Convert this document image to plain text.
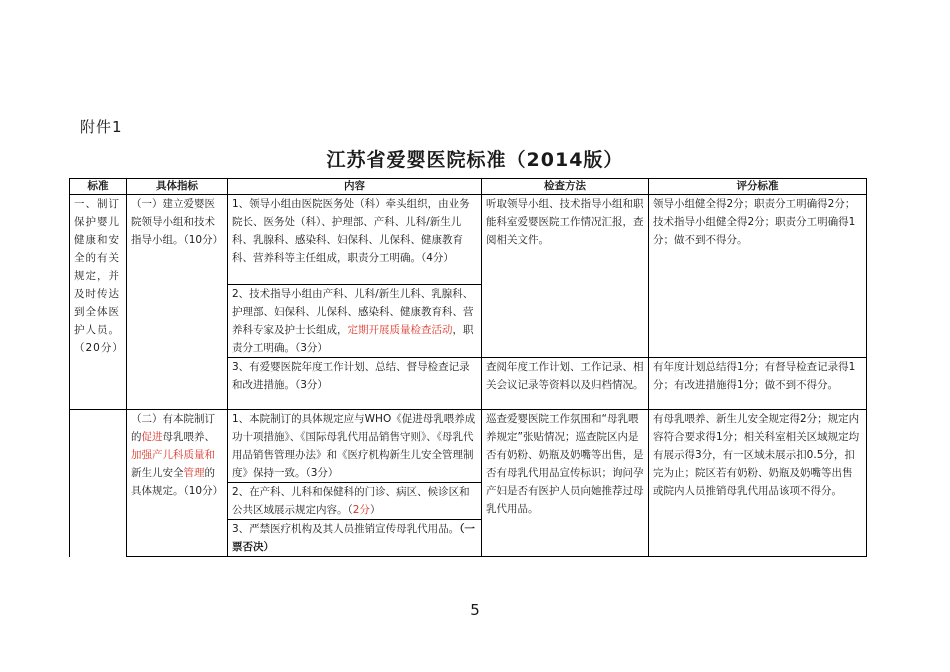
附件1
江苏省爱婴医院标准（2014版）
标准	具体指标	内容	检查方法	评分标准
一、制订保护婴儿健康和安全的有关规定，并及时传达到全体医护人员。（20分）	（一）建立爱婴医院领导小组和技术指导小组。（10分）	1、领导小组由医院医务处（科）牵头组织，由业务院长、医务处（科）、护理部、产科、儿科/新生儿科、乳腺科、感染科、妇保科、儿保科、健康教育科、营养科等主任组成，职责分工明确。（4分）	听取领导小组、技术指导小组和职能科室爱婴医院工作情况汇报，查阅相关文件。	领导小组健全得2分；职责分工明确得2分；技术指导小组健全得2分；职责分工明确得1分；做不到不得分。
		2、技术指导小组由产科、儿科/新生儿科、乳腺科、护理部、妇保科、儿保科、感染科、健康教育科、营养科专家及护士长组成，定期开展质量检查活动，职责分工明确。（3分）		
		3、有爱婴医院年度工作计划、总结、督导检查记录和改进措施。（3分）	查阅年度工作计划、工作记录、相关会议记录等资料以及归档情况。	有年度计划总结得1分；有督导检查记录得1分；有改进措施得1分；做不到不得分。
	（二）有本院制订的促进母乳喂养、加强产儿科质量和新生儿安全管理的具体规定。（10分）	1、本院制订的具体规定应与WHO《促进母乳喂养成功十项措施》、《国际母乳代用品销售守则》、《母乳代用品销售管理办法》和《医疗机构新生儿安全管理制度》保持一致。（3分）	巡查爱婴医院工作氛围和“母乳喂养规定”张贴情况；巡查院区内是否有奶粉、奶瓶及奶嘴等出售，是否有母乳代用品宣传标识；询问孕产妇是否有医护人员向她推荐过母乳代用品。	有母乳喂养、新生儿安全规定得2分；规定内容符合要求得1分；相关科室相关区域规定均有展示得3分，有一区域未展示扣0.5分，扣完为止；院区若有奶粉、奶瓶及奶嘴等出售或院内人员推销母乳代用品该项不得分。
		2、在产科、儿科和保健科的门诊、病区、候诊区和公共区域展示规定内容。（2分）		
		3、严禁医疗机构及其人员推销宣传母乳代用品。（一票否决）		
5
